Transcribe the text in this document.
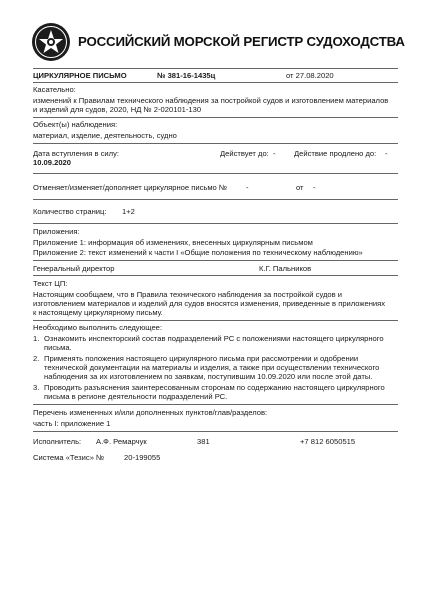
РОССИЙСКИЙ МОРСКОЙ РЕГИСТР СУДОХОДСТВА
ЦИРКУЛЯРНОЕ ПИСЬМО	№ 381-16-1435ц	от 27.08.2020
Касательно:
изменений к Правилам технического наблюдения за постройкой судов и изготовлением материалов
и изделий для судов, 2020, НД № 2-020101-130
Объект(ы) наблюдения:
материал, изделие, деятельность, судно
Дата вступления в силу:
10.09.2020
Действует до: - Действие продлено до: -
Отменяет/изменяет/дополняет циркулярное письмо № -	от -
Количество страниц: 1+2
Приложения:
Приложение 1: информация об изменениях, внесенных циркулярным письмом
Приложение 2: текст изменений к части I «Общие положения по техническому наблюдению»
Генеральный директор	К.Г. Пальников
Текст ЦП:
Настоящим сообщаем, что в Правила технического наблюдения за постройкой судов и
изготовлением материалов и изделий для судов вносятся изменения, приведенные в приложениях
к настоящему циркулярному письму.
Необходимо выполнить следующее:
1. Ознакомить инспекторский состав подразделений РС с положениями настоящего циркулярного
письма.
2. Применять положения настоящего циркулярного письма при рассмотрении и одобрении
технической документации на материалы и изделия, а также при осуществлении технического
наблюдения за их изготовлением по заявкам, поступившим 10.09.2020 или после этой даты.
3. Проводить разъяснения заинтересованным сторонам по содержанию настоящего циркулярного
письма в регионе деятельности подразделений РС.
Перечень измененных и/или дополненных пунктов/глав/разделов:
часть I: приложение 1
Исполнитель: А.Ф. Ремарчук	381	+7 812 6050515
Система «Тезис» №	20-199055
